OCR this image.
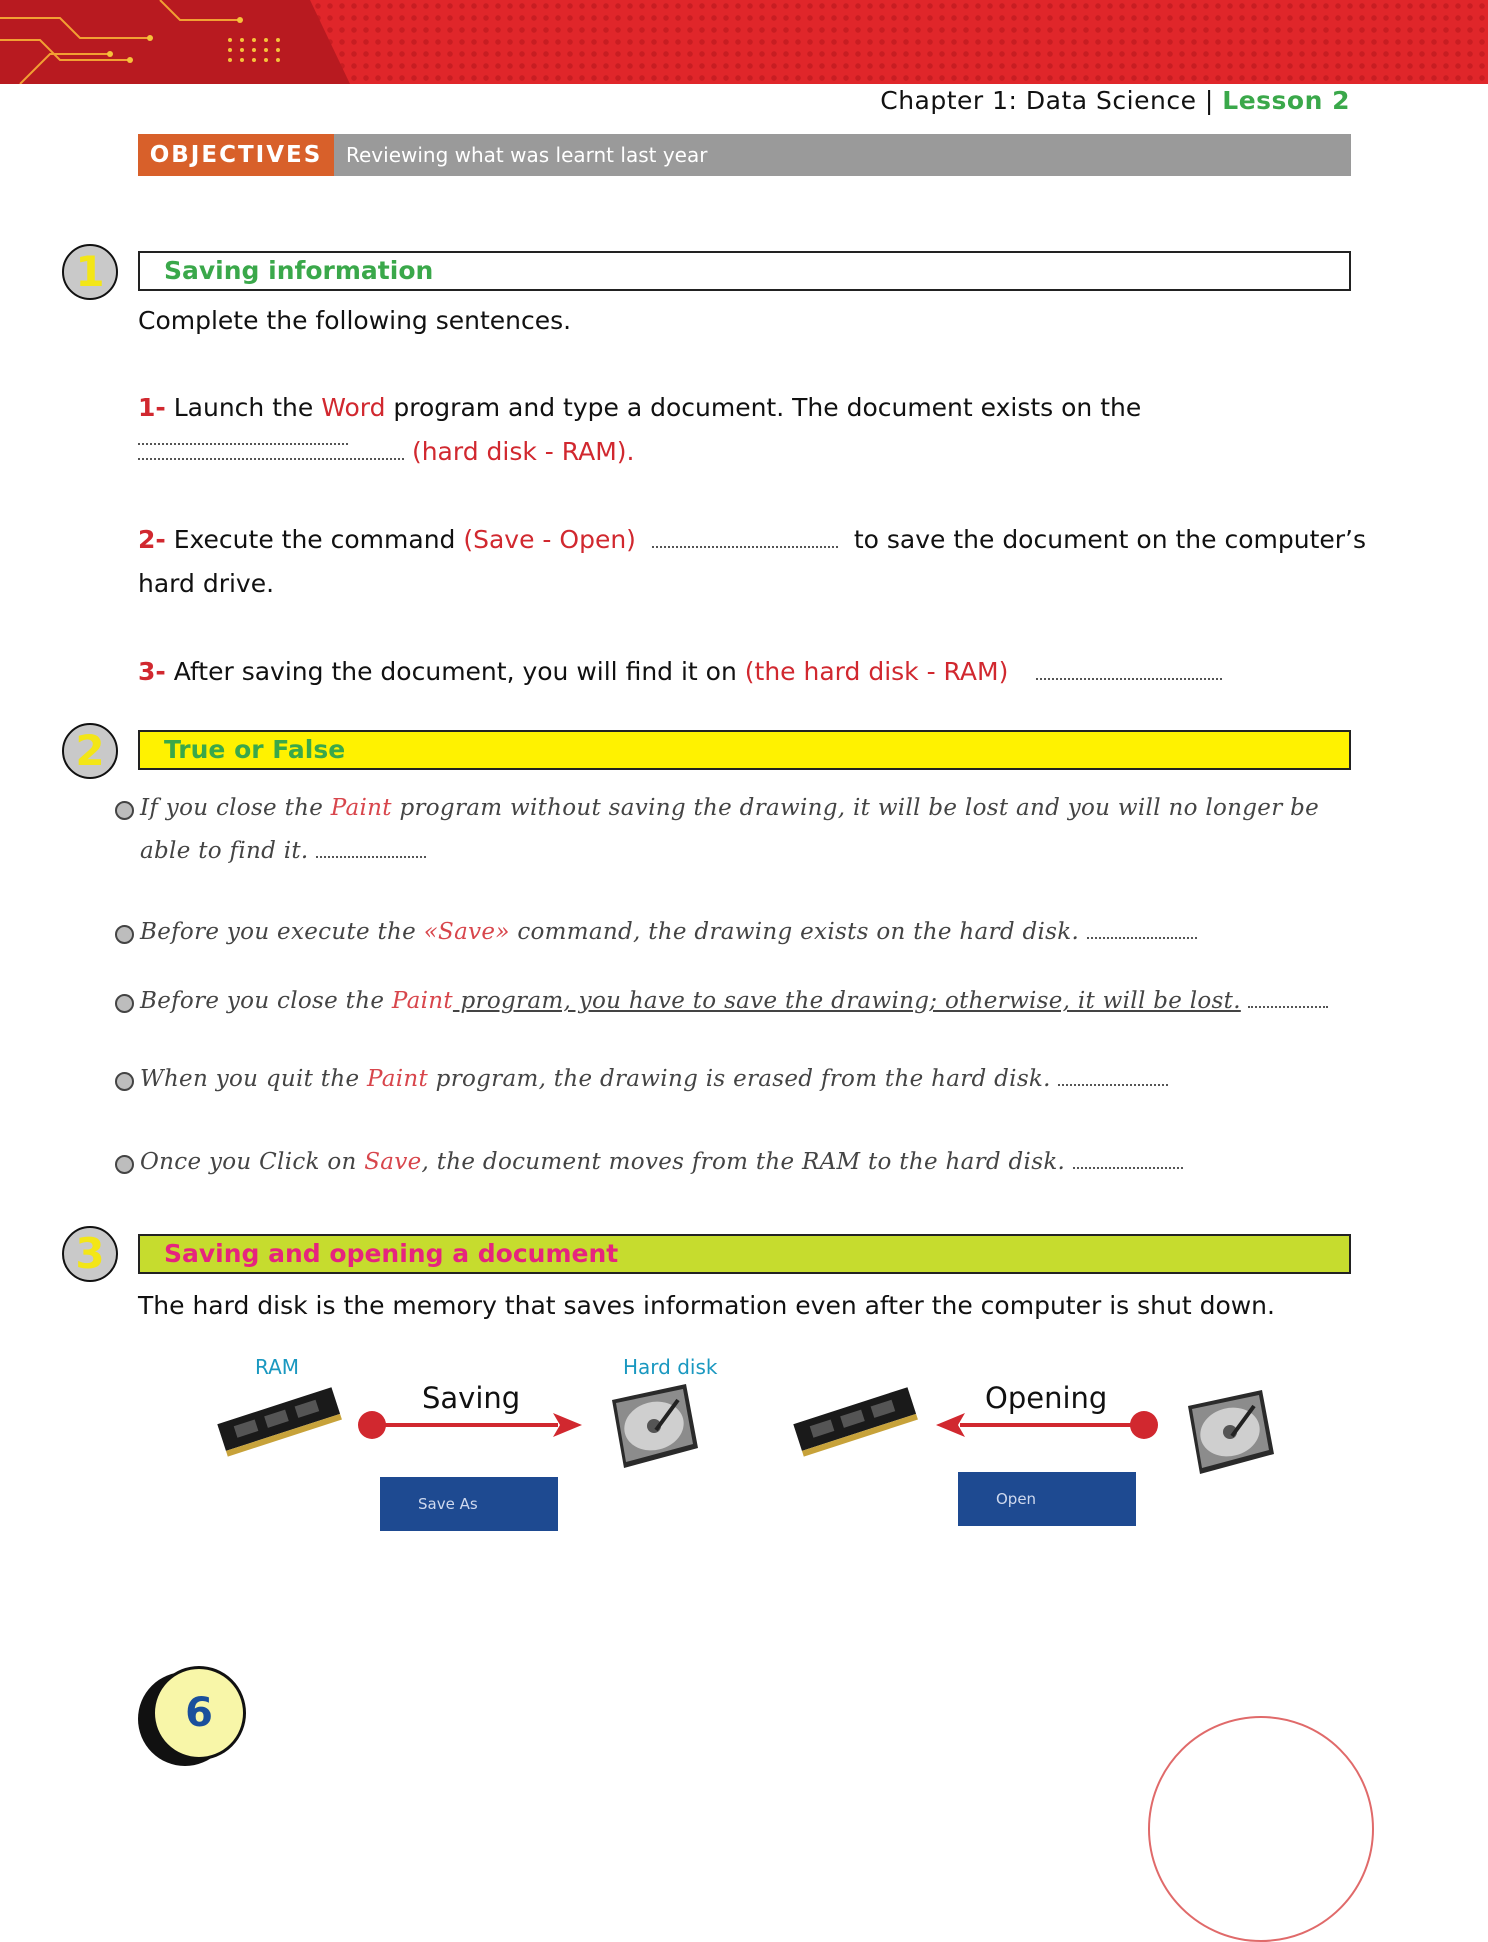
Chapter 1: Data Science | Lesson 2
OBJECTIVES	Reviewing what was learnt last year
1	Saving information
Complete the following sentences.
1- Launch the Word program and type a document. The document exists on the
(hard disk - RAM).
2- Execute the command (Save - Open)	to save the document on the computer’s
hard drive.
3- After saving the document, you will find it on (the hard disk - RAM)
2	True or False
If you close the Paint program without saving the drawing, it will be lost and you will no longer be
able to find it.
Before you execute the «Save» command, the drawing exists on the hard disk.
Before you close the Paint program, you have to save the drawing; otherwise, it will be lost.
When you quit the Paint program, the drawing is erased from the hard disk.
Once you Click on Save, the document moves from the RAM to the hard disk.
3	Saving and opening a document
The hard disk is the memory that saves information even after the computer is shut down.
RAM	Hard disk
Saving
Save As
Opening
Open
6
